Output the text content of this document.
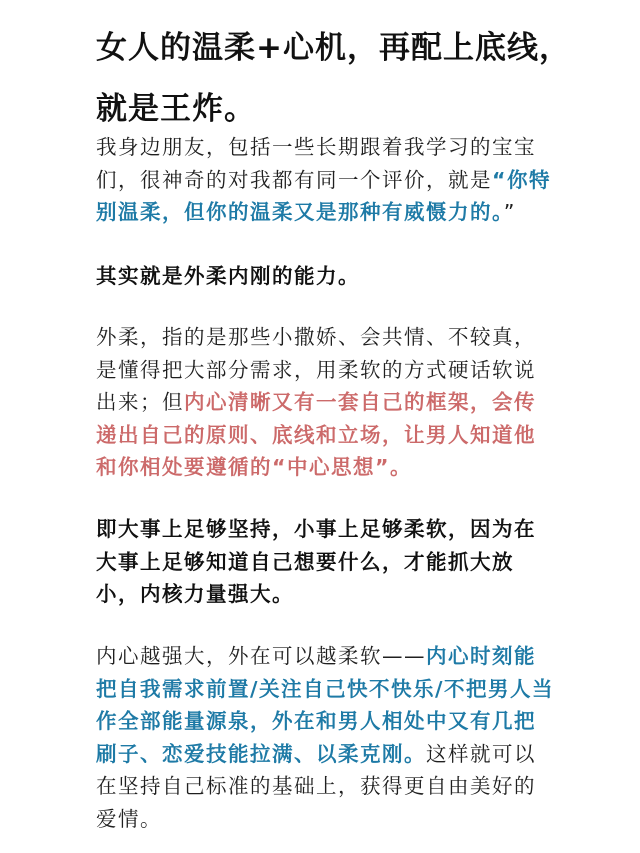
女人的温柔+心机，再配上底线，
就是王炸。

我身边朋友，包括一些长期跟着我学习的宝宝们，很神奇的对我都有同一个评价，就是“你特别温柔，但你的温柔又是那种有威慑力的。”

其实就是外柔内刚的能力。

外柔，指的是那些小撒娇、会共情、不较真，是懂得把大部分需求，用柔软的方式硬话软说出来；但内心清晰又有一套自己的框架，会传递出自己的原则、底线和立场，让男人知道他和你相处要遵循的“中心思想”。

即大事上足够坚持，小事上足够柔软，因为在大事上足够知道自己想要什么，才能抓大放小，内核力量强大。

内心越强大，外在可以越柔软——内心时刻能把自我需求前置/关注自己快不快乐/不把男人当作全部能量源泉，外在和男人相处中又有几把刷子、恋爱技能拉满、以柔克刚。这样就可以在坚持自己标准的基础上，获得更自由美好的爱情。
